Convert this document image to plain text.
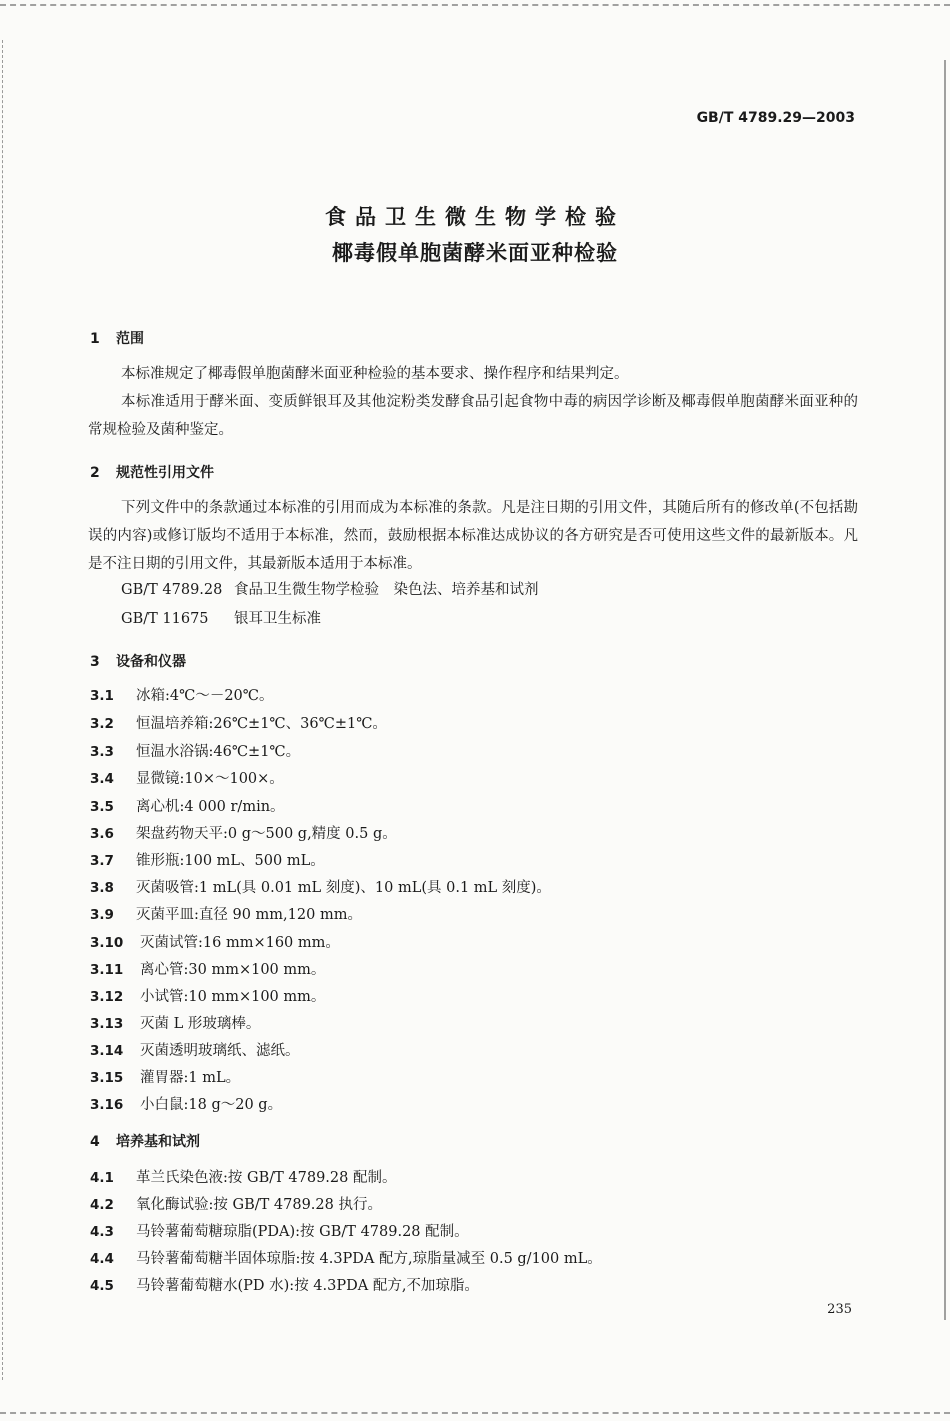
GB/T 4789.29—2003
食品卫生微生物学检验
椰毒假单胞菌酵米面亚种检验
1 范围
本标准规定了椰毒假单胞菌酵米面亚种检验的基本要求、操作程序和结果判定。
本标准适用于酵米面、变质鲜银耳及其他淀粉类发酵食品引起食物中毒的病因学诊断及椰毒假单胞菌酵米面亚种的常规检验及菌种鉴定。
2 规范性引用文件
下列文件中的条款通过本标准的引用而成为本标准的条款。凡是注日期的引用文件，其随后所有的修改单(不包括勘误的内容)或修订版均不适用于本标准，然而，鼓励根据本标准达成协议的各方研究是否可使用这些文件的最新版本。凡是不注日期的引用文件，其最新版本适用于本标准。
GB/T 4789.28 食品卫生微生物学检验　染色法、培养基和试剂
GB/T 11675 银耳卫生标准
3 设备和仪器
3.1 冰箱:4℃～－20℃。
3.2 恒温培养箱:26℃±1℃、36℃±1℃。
3.3 恒温水浴锅:46℃±1℃。
3.4 显微镜:10×～100×。
3.5 离心机:4 000 r/min。
3.6 架盘药物天平:0 g～500 g,精度 0.5 g。
3.7 锥形瓶:100 mL、500 mL。
3.8 灭菌吸管:1 mL(具 0.01 mL 刻度)、10 mL(具 0.1 mL 刻度)。
3.9 灭菌平皿:直径 90 mm,120 mm。
3.10 灭菌试管:16 mm×160 mm。
3.11 离心管:30 mm×100 mm。
3.12 小试管:10 mm×100 mm。
3.13 灭菌 L 形玻璃棒。
3.14 灭菌透明玻璃纸、滤纸。
3.15 灌胃器:1 mL。
3.16 小白鼠:18 g～20 g。
4 培养基和试剂
4.1 革兰氏染色液:按 GB/T 4789.28 配制。
4.2 氧化酶试验:按 GB/T 4789.28 执行。
4.3 马铃薯葡萄糖琼脂(PDA):按 GB/T 4789.28 配制。
4.4 马铃薯葡萄糖半固体琼脂:按 4.3PDA 配方,琼脂量减至 0.5 g/100 mL。
4.5 马铃薯葡萄糖水(PD 水):按 4.3PDA 配方,不加琼脂。
235
